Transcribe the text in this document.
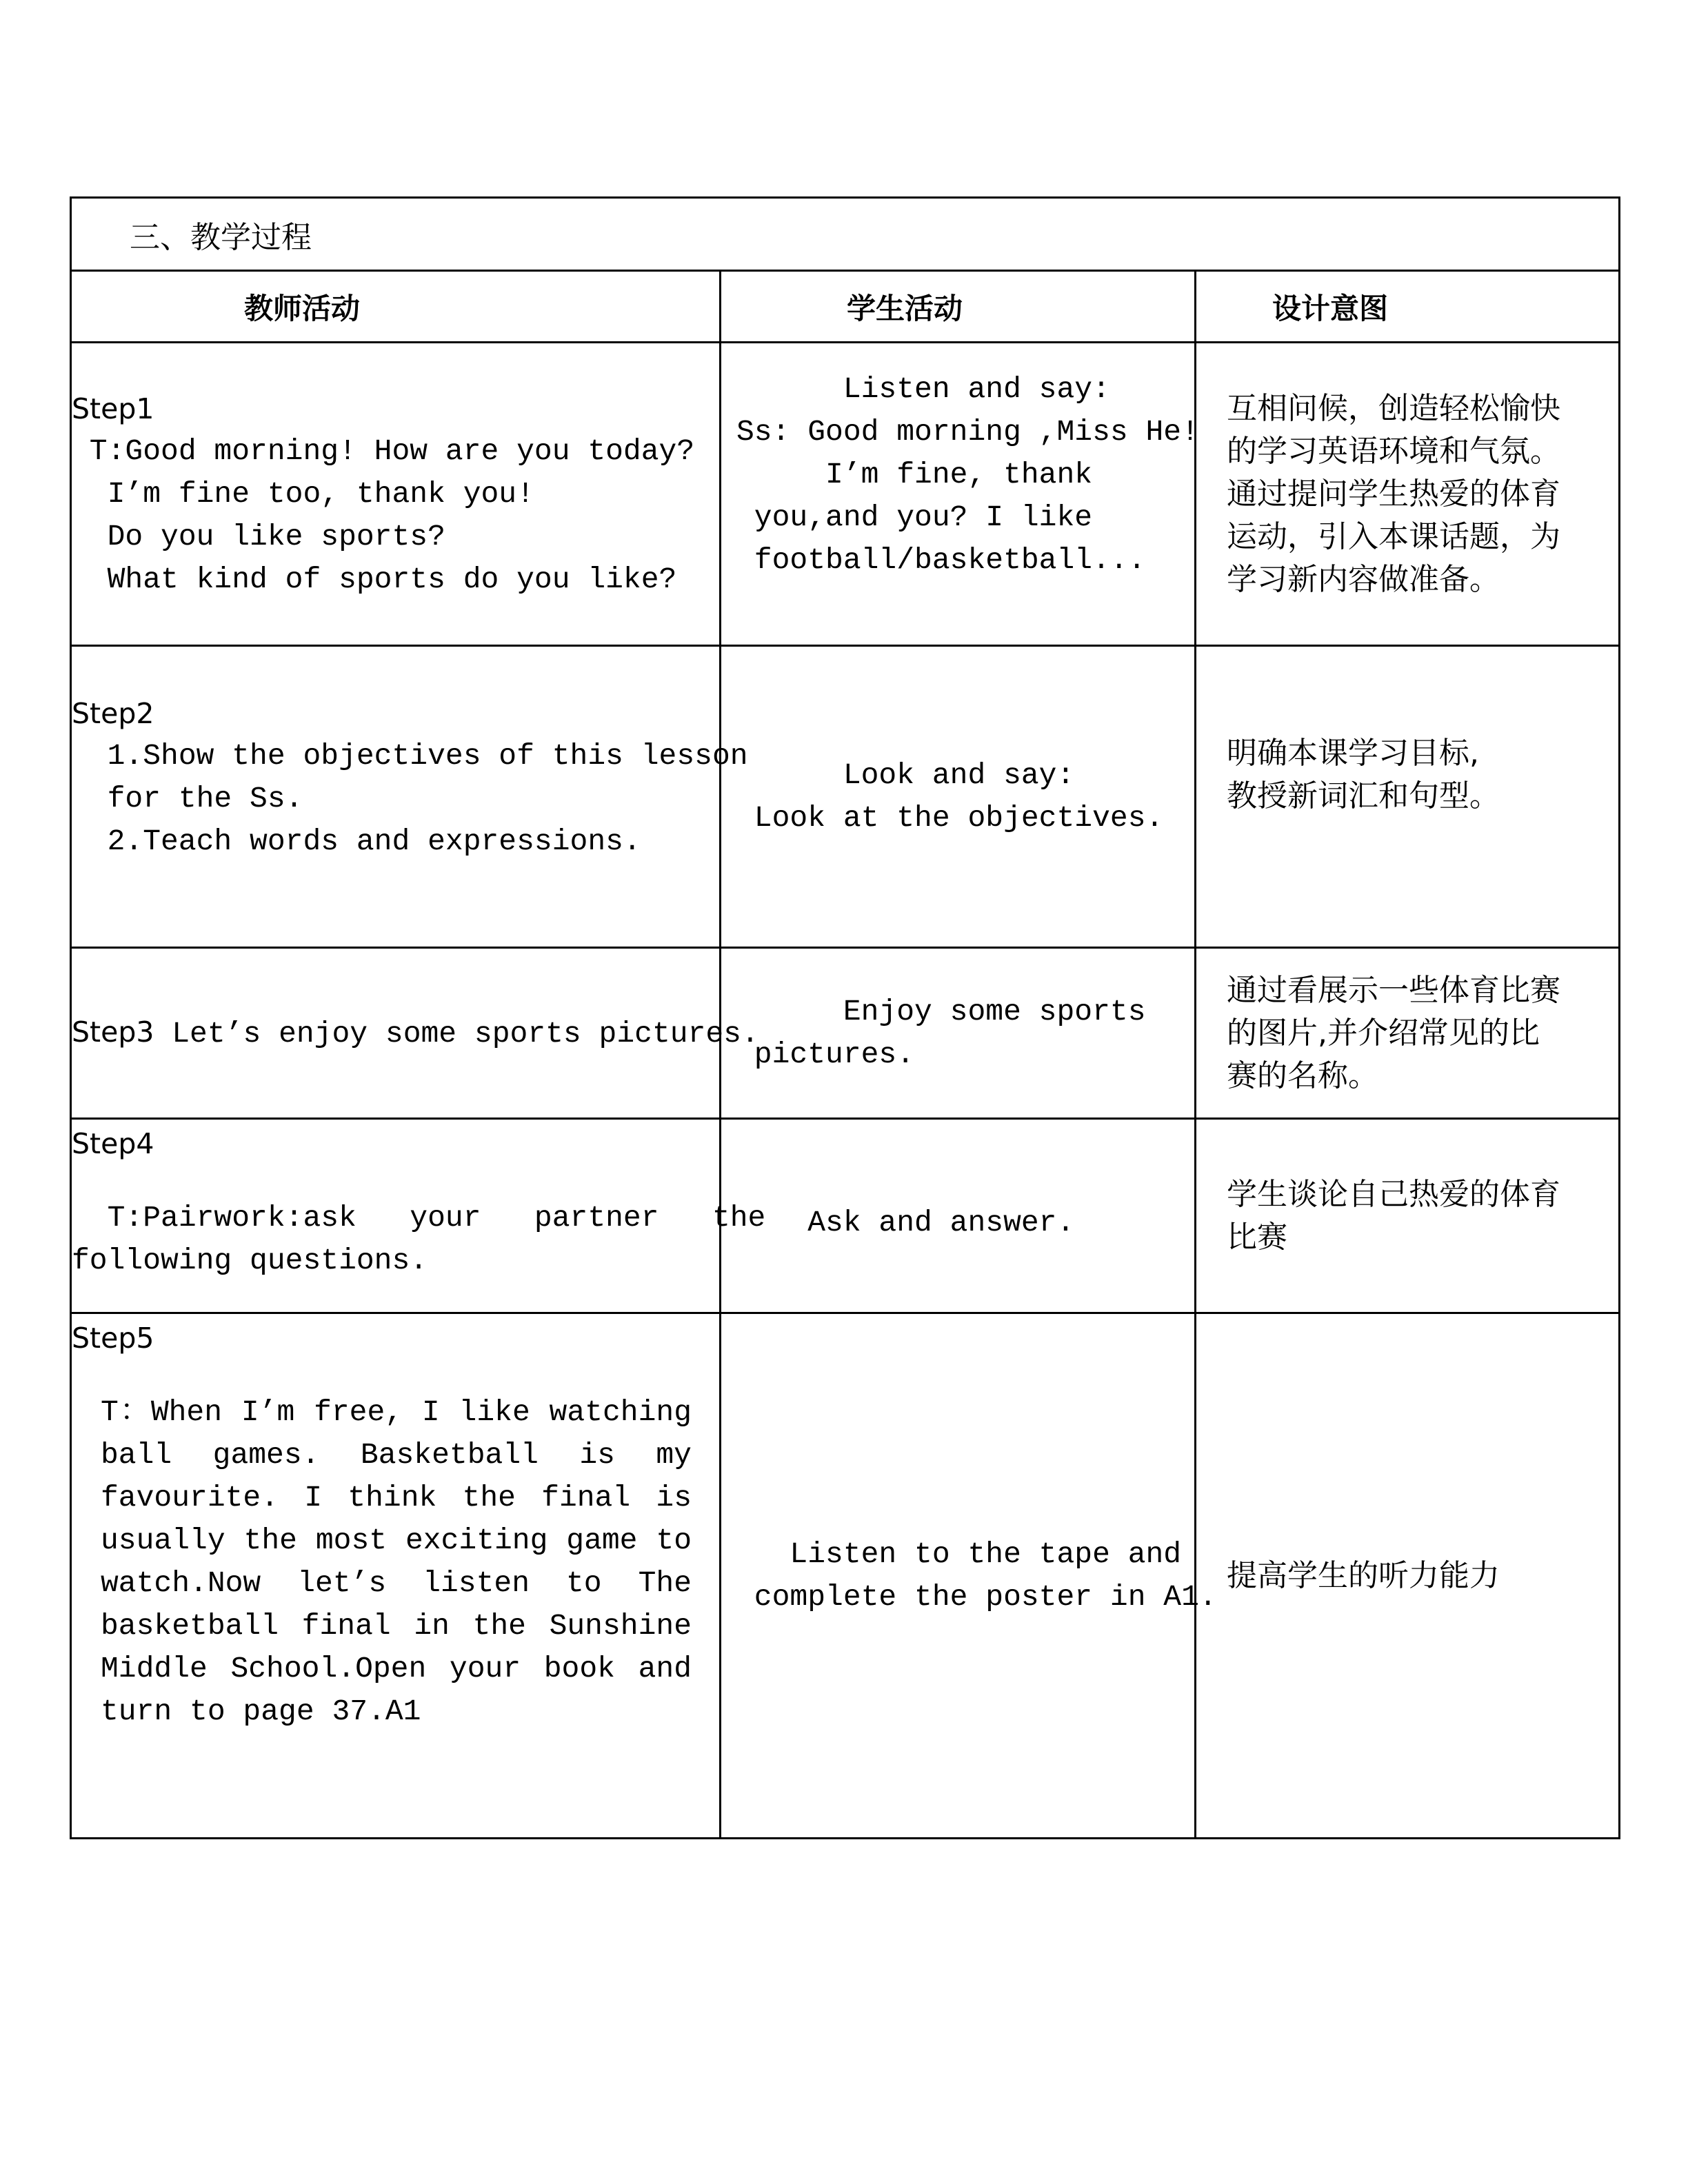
三、教学过程		
教师活动	学生活动	设计意图

Step1
T:Good morning! How are you today?
I’m fine too, thank you!
Do you like sports?
What kind of sports do you like?	Listen and say:
Ss: Good morning ,Miss He!
I’m fine, thank
you,and you? I like
football/basketball...	互相问候，创造轻松愉快
的学习英语环境和气氛。
通过提问学生热爱的体育
运动，引入本课话题，为
学习新内容做准备。

Step2
1.Show the objectives of this lesson
for the Ss.
2.Teach words and expressions.	Look and say:
Look at the objectives.	明确本课学习目标,
教授新词汇和句型。

Step3 Let’s enjoy some sports pictures.	Enjoy some sports
pictures.	通过看展示一些体育比赛
的图片,并介绍常见的比
赛的名称。

Step4
T:Pairwork:ask   your   partner   the
following questions.	Ask and answer.	学生谈论自己热爱的体育
比赛

Step5
T：When I’m free, I like watching ball games. Basketball is my favourite. I think the final is usually the most exciting game to watch.Now let’s listen to The basketball final in the Sunshine Middle School.Open your book and turn to page 37.A1	Listen to the tape and
complete the poster in A1.	提高学生的听力能力
